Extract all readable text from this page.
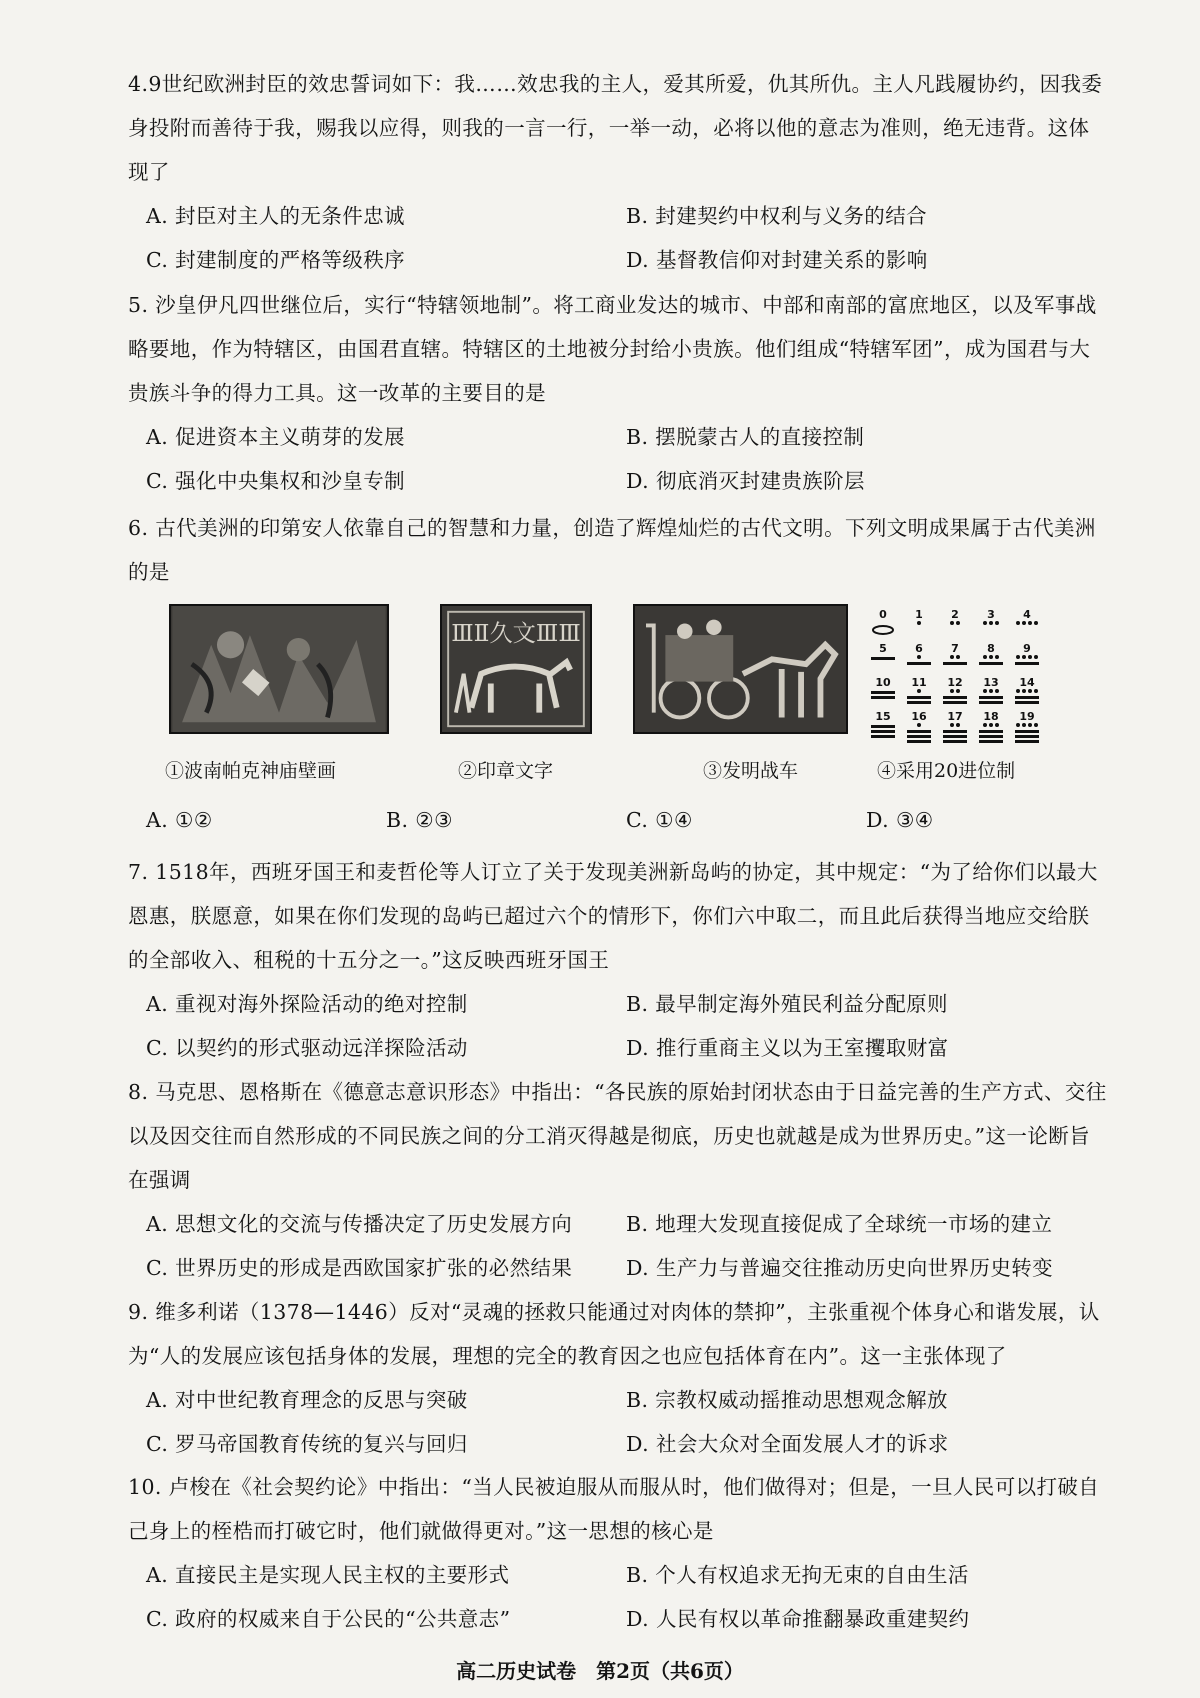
4.9世纪欧洲封臣的效忠誓词如下：我……效忠我的主人，爱其所爱，仇其所仇。主人凡践履协约，因我委身投附而善待于我，赐我以应得，则我的一言一行，一举一动，必将以他的意志为准则，绝无违背。这体现了
A. 封臣对主人的无条件忠诚	B. 封建契约中权利与义务的结合
C. 封建制度的严格等级秩序	D. 基督教信仰对封建关系的影响
5. 沙皇伊凡四世继位后，实行“特辖领地制”。将工商业发达的城市、中部和南部的富庶地区，以及军事战略要地，作为特辖区，由国君直辖。特辖区的土地被分封给小贵族。他们组成“特辖军团”，成为国君与大贵族斗争的得力工具。这一改革的主要目的是
A. 促进资本主义萌芽的发展	B. 摆脱蒙古人的直接控制
C. 强化中央集权和沙皇专制	D. 彻底消灭封建贵族阶层
6. 古代美洲的印第安人依靠自己的智慧和力量，创造了辉煌灿烂的古代文明。下列文明成果属于古代美洲的是
①波南帕克神庙壁画
ⅢⅡ久文ⅢⅢ
②印章文字	③发明战车
0	1	2	3	4
5	6	7	8	9
10 11 12 13 14
15 16 17 18 19
④采用20进位制
A. ①②	B. ②③	C. ①④	D. ③④
7. 1518年，西班牙国王和麦哲伦等人订立了关于发现美洲新岛屿的协定，其中规定：“为了给你们以最大恩惠，朕愿意，如果在你们发现的岛屿已超过六个的情形下，你们六中取二，而且此后获得当地应交给朕的全部收入、租税的十五分之一。”这反映西班牙国王
A. 重视对海外探险活动的绝对控制	B. 最早制定海外殖民利益分配原则
C. 以契约的形式驱动远洋探险活动	D. 推行重商主义以为王室攫取财富
8. 马克思、恩格斯在《德意志意识形态》中指出：“各民族的原始封闭状态由于日益完善的生产方式、交往以及因交往而自然形成的不同民族之间的分工消灭得越是彻底，历史也就越是成为世界历史。”这一论断旨在强调
A. 思想文化的交流与传播决定了历史发展方向	B. 地理大发现直接促成了全球统一市场的建立
C. 世界历史的形成是西欧国家扩张的必然结果	D. 生产力与普遍交往推动历史向世界历史转变
9. 维多利诺（1378—1446）反对“灵魂的拯救只能通过对肉体的禁抑”，主张重视个体身心和谐发展，认为“人的发展应该包括身体的发展，理想的完全的教育因之也应包括体育在内”。这一主张体现了
A. 对中世纪教育理念的反思与突破	B. 宗教权威动摇推动思想观念解放
C. 罗马帝国教育传统的复兴与回归	D. 社会大众对全面发展人才的诉求
10. 卢梭在《社会契约论》中指出：“当人民被迫服从而服从时，他们做得对；但是，一旦人民可以打破自己身上的桎梏而打破它时，他们就做得更对。”这一思想的核心是
A. 直接民主是实现人民主权的主要形式	B. 个人有权追求无拘无束的自由生活
C. 政府的权威来自于公民的“公共意志”	D. 人民有权以革命推翻暴政重建契约
高二历史试卷　第2页（共6页）
